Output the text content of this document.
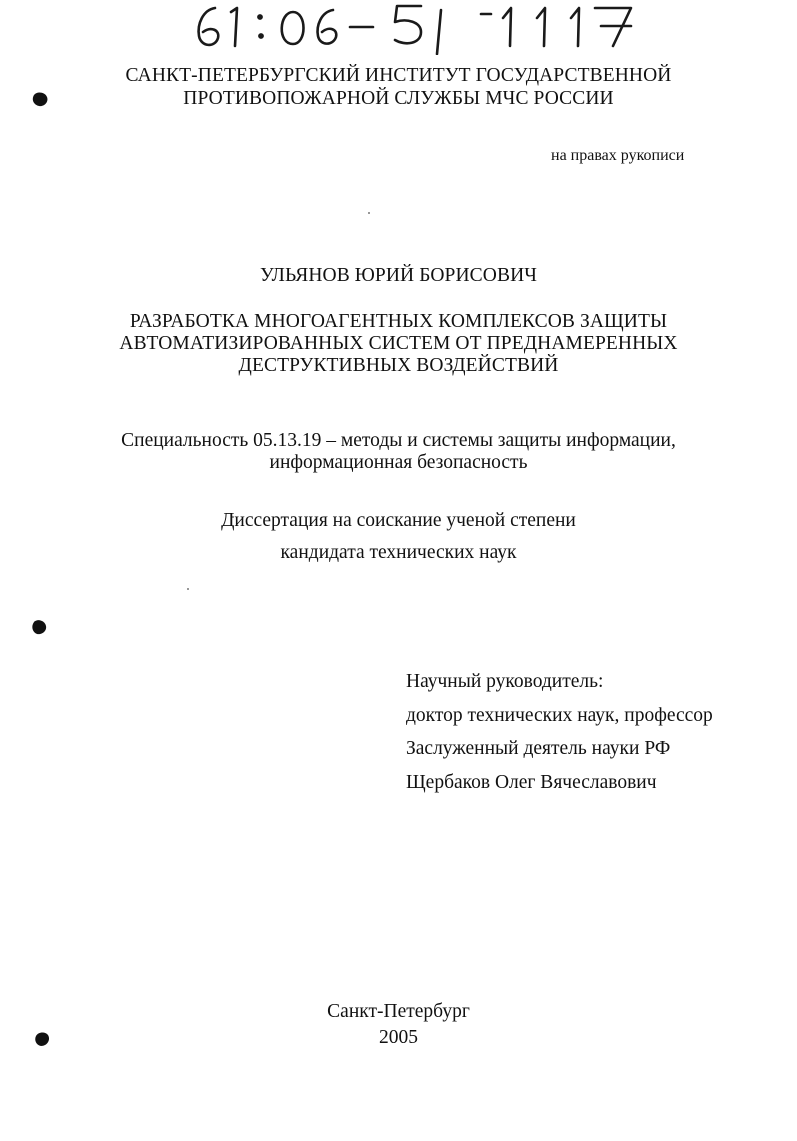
САНКТ-ПЕТЕРБУРГСКИЙ ИНСТИТУТ ГОСУДАРСТВЕННОЙ
ПРОТИВОПОЖАРНОЙ СЛУЖБЫ МЧС РОССИИ
на правах рукописи
УЛЬЯНОВ ЮРИЙ БОРИСОВИЧ
РАЗРАБОТКА МНОГОАГЕНТНЫХ КОМПЛЕКСОВ ЗАЩИТЫ
АВТОМАТИЗИРОВАННЫХ СИСТЕМ ОТ ПРЕДНАМЕРЕННЫХ
ДЕСТРУКТИВНЫХ ВОЗДЕЙСТВИЙ
Специальность 05.13.19 – методы и системы защиты информации,
информационная безопасность
Диссертация на соискание ученой степени
кандидата технических наук
Научный руководитель:
доктор технических наук, профессор
Заслуженный деятель науки РФ
Щербаков Олег Вячеславович
Санкт-Петербург
2005
